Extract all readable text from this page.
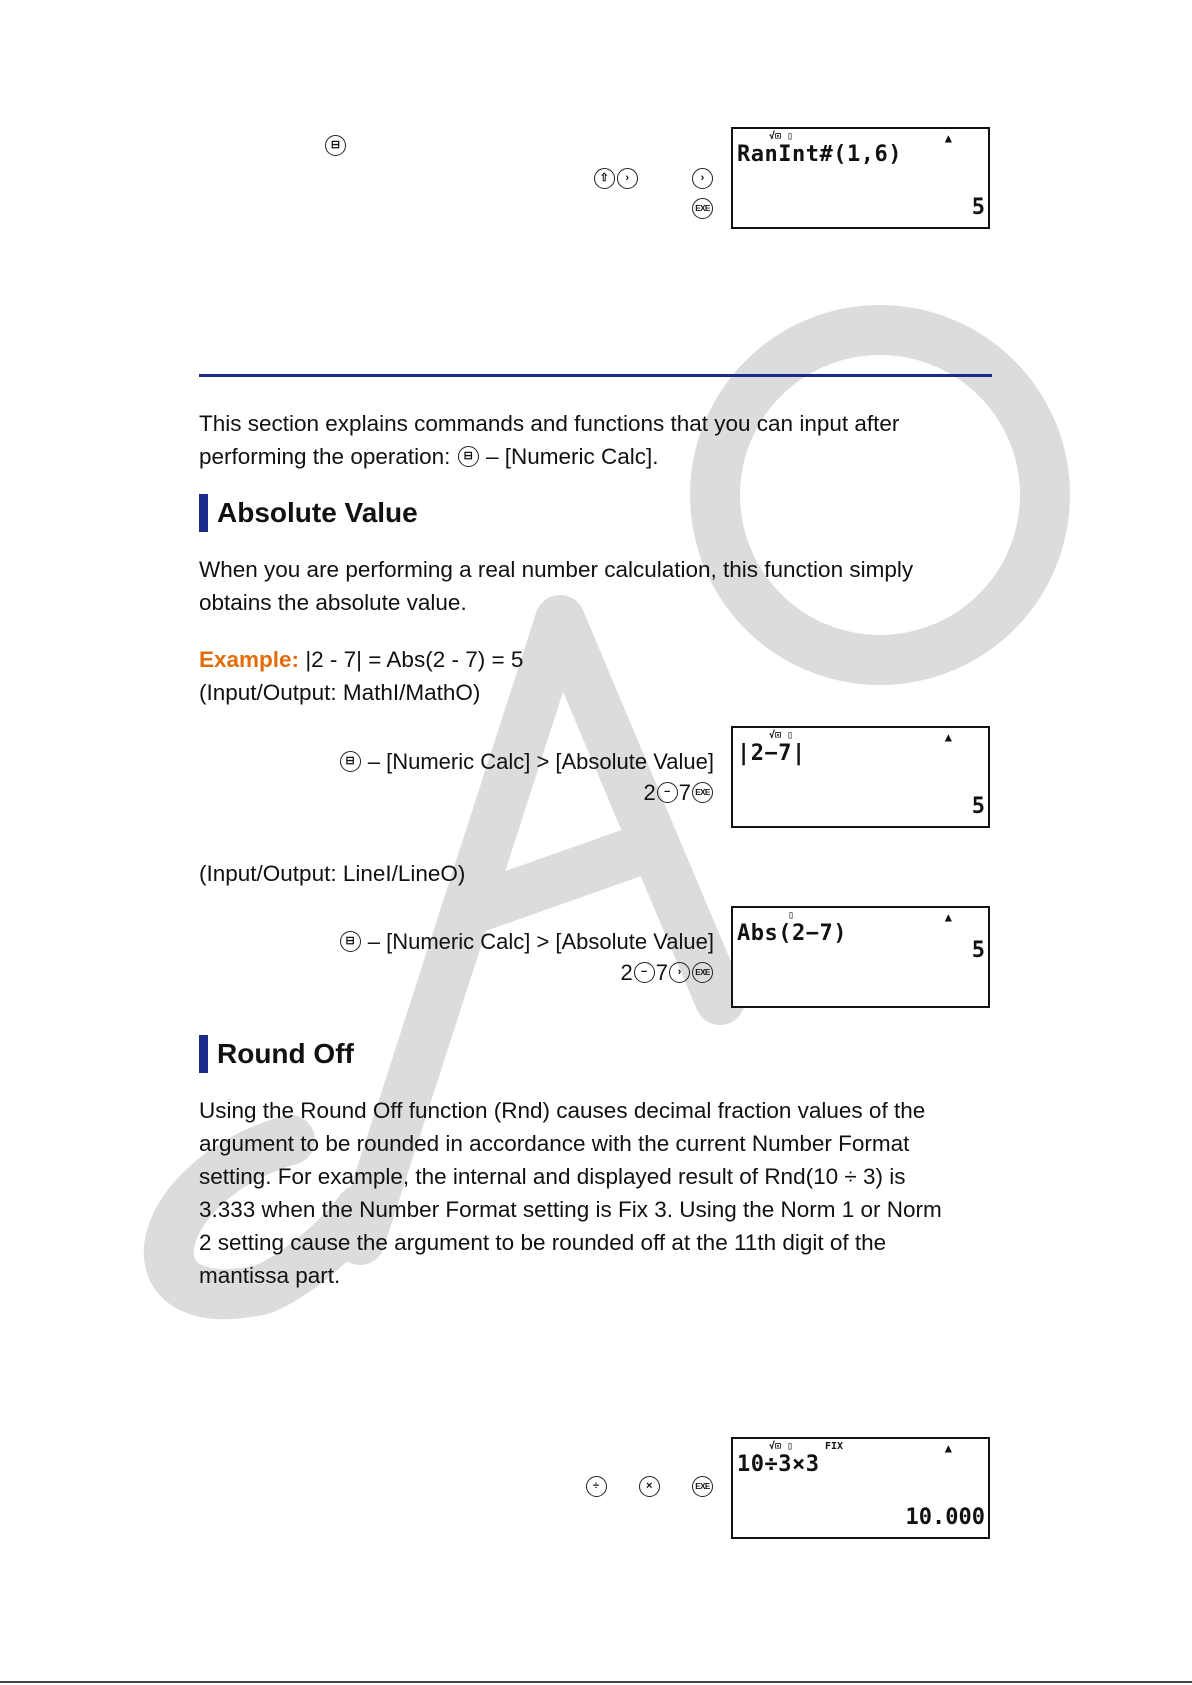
⊟
⇧	›
	›
EXE
√⊡ ▯	▲
RanInt#(1,6)
5
This section explains commands and functions that you can input after
performing the operation:	⊟ – [Numeric Calc].
Absolute Value
When you are performing a real number calculation, this function simply
obtains the absolute value.
Example: |2 - 7| = Abs(2 - 7) = 5
(Input/Output: MathI/MathO)
⊟ – [Numeric Calc] > [Absolute Value]
2 − 7 EXE
√⊡ ▯	▲
|2−7|
5
(Input/Output: LineI/LineO)
⊟ – [Numeric Calc] > [Absolute Value]
2 − 7 ›	EXE
▯	▲
Abs(2−7)
5
Round Off
Using the Round Off function (Rnd) causes decimal fraction values of the
argument to be rounded in accordance with the current Number Format
setting. For example, the internal and displayed result of Rnd(10 ÷ 3) is
3.333 when the Number Format setting is Fix 3. Using the Norm 1 or Norm
2 setting cause the argument to be rounded off at the 11th digit of the
mantissa part.
÷
	×
	EXE
√⊡ ▯	FIX	▲
10÷3×3
10.000
